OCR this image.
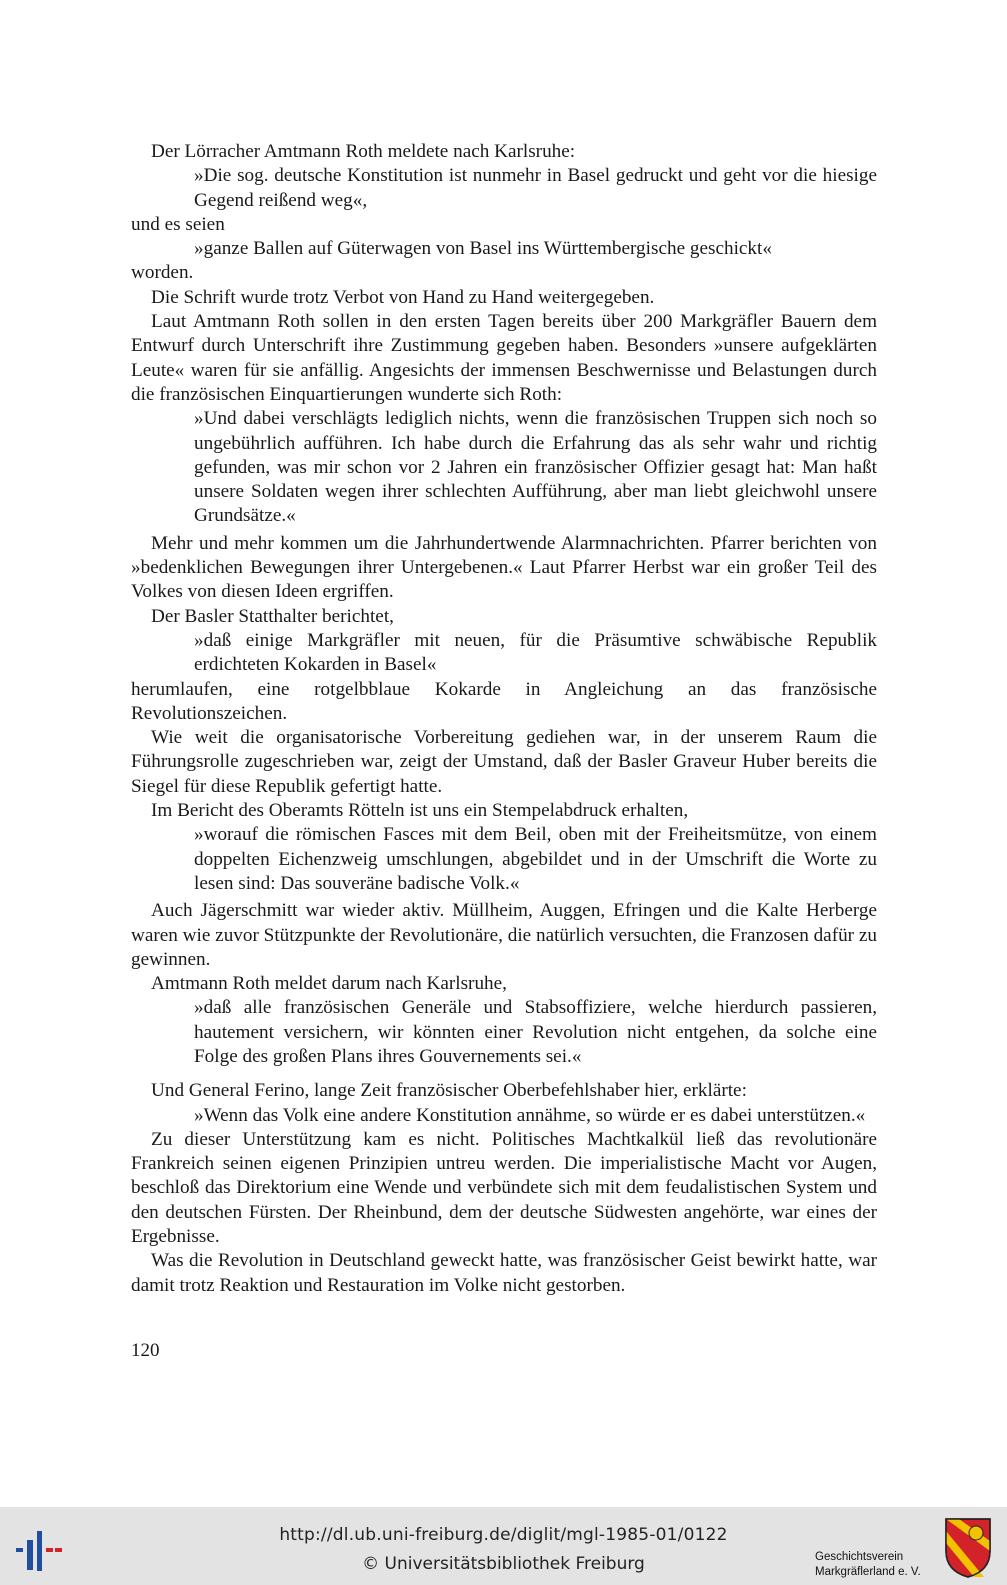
Der Lörracher Amtmann Roth meldete nach Karlsruhe:

»Die sog. deutsche Konstitution ist nunmehr in Basel gedruckt und geht vor die hiesige Gegend reißend weg«,

und es seien

»ganze Ballen auf Güterwagen von Basel ins Württembergische geschickt«

worden.

Die Schrift wurde trotz Verbot von Hand zu Hand weitergegeben.

Laut Amtmann Roth sollen in den ersten Tagen bereits über 200 Markgräfler Bauern dem Entwurf durch Unterschrift ihre Zustimmung gegeben haben. Besonders »unsere aufgeklärten Leute« waren für sie anfällig. Angesichts der immensen Beschwernisse und Belastungen durch die französischen Einquartierungen wunderte sich Roth:

»Und dabei verschlägts lediglich nichts, wenn die französischen Truppen sich noch so ungebührlich aufführen. Ich habe durch die Erfahrung das als sehr wahr und richtig gefunden, was mir schon vor 2 Jahren ein französischer Offizier gesagt hat: Man haßt unsere Soldaten wegen ihrer schlechten Aufführung, aber man liebt gleichwohl unsere Grundsätze.«

Mehr und mehr kommen um die Jahrhundertwende Alarmnachrichten. Pfarrer berichten von »bedenklichen Bewegungen ihrer Untergebenen.« Laut Pfarrer Herbst war ein großer Teil des Volkes von diesen Ideen ergriffen.

Der Basler Statthalter berichtet,

»daß einige Markgräfler mit neuen, für die Präsumtive schwäbische Republik erdichteten Kokarden in Basel«

herumlaufen, eine rotgelbblaue Kokarde in Angleichung an das französische Revolutionszeichen.

Wie weit die organisatorische Vorbereitung gediehen war, in der unserem Raum die Führungsrolle zugeschrieben war, zeigt der Umstand, daß der Basler Graveur Huber bereits die Siegel für diese Republik gefertigt hatte.

Im Bericht des Oberamts Rötteln ist uns ein Stempelabdruck erhalten,

»worauf die römischen Fasces mit dem Beil, oben mit der Freiheitsmütze, von einem doppelten Eichenzweig umschlungen, abgebildet und in der Umschrift die Worte zu lesen sind: Das souveräne badische Volk.«

Auch Jägerschmitt war wieder aktiv. Müllheim, Auggen, Efringen und die Kalte Herberge waren wie zuvor Stützpunkte der Revolutionäre, die natürlich versuchten, die Franzosen dafür zu gewinnen.

Amtmann Roth meldet darum nach Karlsruhe,

»daß alle französischen Generäle und Stabsoffiziere, welche hierdurch passieren, hautement versichern, wir könnten einer Revolution nicht entgehen, da solche eine Folge des großen Plans ihres Gouvernements sei.«

Und General Ferino, lange Zeit französischer Oberbefehlshaber hier, erklärte:

»Wenn das Volk eine andere Konstitution annähme, so würde er es dabei unterstützen.«

Zu dieser Unterstützung kam es nicht. Politisches Machtkalkül ließ das revolutionäre Frankreich seinen eigenen Prinzipien untreu werden. Die imperialistische Macht vor Augen, beschloß das Direktorium eine Wende und verbündete sich mit dem feudalistischen System und den deutschen Fürsten. Der Rheinbund, dem der deutsche Südwesten angehörte, war eines der Ergebnisse.

Was die Revolution in Deutschland geweckt hatte, was französischer Geist bewirkt hatte, war damit trotz Reaktion und Restauration im Volke nicht gestorben.

120
http://dl.ub.uni-freiburg.de/diglit/mgl-1985-01/0122
© Universitätsbibliothek Freiburg	Geschichtsverein
Markgräflerland e. V.
